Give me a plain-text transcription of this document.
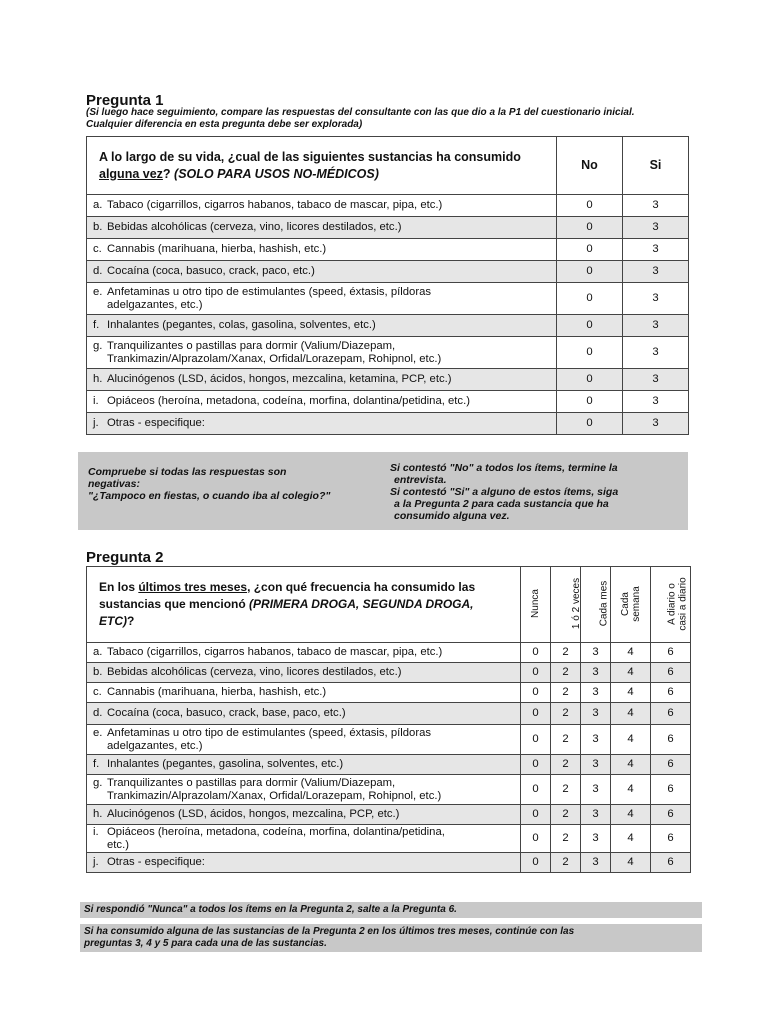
Pregunta 1
(Si luego hace seguimiento, compare las respuestas del consultante con las que dio a la P1 del cuestionario inicial.
Cualquier diferencia en esta pregunta debe ser explorada)
A lo largo de su vida, ¿cual de las siguientes sustancias ha consumido alguna vez? (SOLO PARA USOS NO-MÉDICOS)	No	Si

a. Tabaco (cigarrillos, cigarros habanos, tabaco de mascar, pipa, etc.)	0	3

b. Bebidas alcohólicas (cerveza, vino, licores destilados, etc.)	0	3

c. Cannabis (marihuana, hierba, hashish, etc.)	0	3

d. Cocaína (coca, basuco, crack, paco, etc.)	0	3

e. Anfetaminas u otro tipo de estimulantes (speed, éxtasis, píldoras
adelgazantes, etc.)	0	3

f. Inhalantes (pegantes, colas, gasolina, solventes, etc.)	0	3

g. Tranquilizantes o pastillas para dormir (Valium/Diazepam,
Trankimazin/Alprazolam/Xanax, Orfidal/Lorazepam, Rohipnol, etc.)	0	3

h. Alucinógenos (LSD, ácidos, hongos, mezcalina, ketamina, PCP, etc.)	0	3

i. Opiáceos (heroína, metadona, codeína, morfina, dolantina/petidina, etc.)	0	3

j. Otras - especifique:	0	3
Compruebe si todas las respuestas son
negativas:
"¿Tampoco en fiestas, o cuando iba al colegio?"
Si contestó "No" a todos los ítems, termine la
entrevista.
Si contestó "Si" a alguno de estos ítems, siga
a la Pregunta 2 para cada sustancia que ha
consumido alguna vez.
Pregunta 2
En los últimos tres meses, ¿con qué frecuencia ha consumido las sustancias que mencionó (PRIMERA DROGA, SEGUNDA DROGA, ETC)?	Nunca	1 ó 2 veces	Cada mes	Cada semana	A diario o casi a diario

a. Tabaco (cigarrillos, cigarros habanos, tabaco de mascar, pipa, etc.)	0	2	3	4	6

b. Bebidas alcohólicas (cerveza, vino, licores destilados, etc.)	0	2	3	4	6

c. Cannabis (marihuana, hierba, hashish, etc.)	0	2	3	4	6

d. Cocaína (coca, basuco, crack, base, paco, etc.)	0	2	3	4	6

e. Anfetaminas u otro tipo de estimulantes (speed, éxtasis, píldoras
adelgazantes, etc.)	0	2	3	4	6

f. Inhalantes (pegantes, gasolina, solventes, etc.)	0	2	3	4	6

g. Tranquilizantes o pastillas para dormir (Valium/Diazepam,
Trankimazin/Alprazolam/Xanax, Orfidal/Lorazepam, Rohipnol, etc.)	0	2	3	4	6

h. Alucinógenos (LSD, ácidos, hongos, mezcalina, PCP, etc.)	0	2	3	4	6

i. Opiáceos (heroína, metadona, codeína, morfina, dolantina/petidina,
etc.)	0	2	3	4	6

j. Otras - especifique:	0	2	3	4	6
Si respondió "Nunca" a todos los ítems en la Pregunta 2, salte a la Pregunta 6.
Si ha consumido alguna de las sustancias de la Pregunta 2 en los últimos tres meses, continúe con las
preguntas 3, 4 y 5 para cada una de las sustancias.
